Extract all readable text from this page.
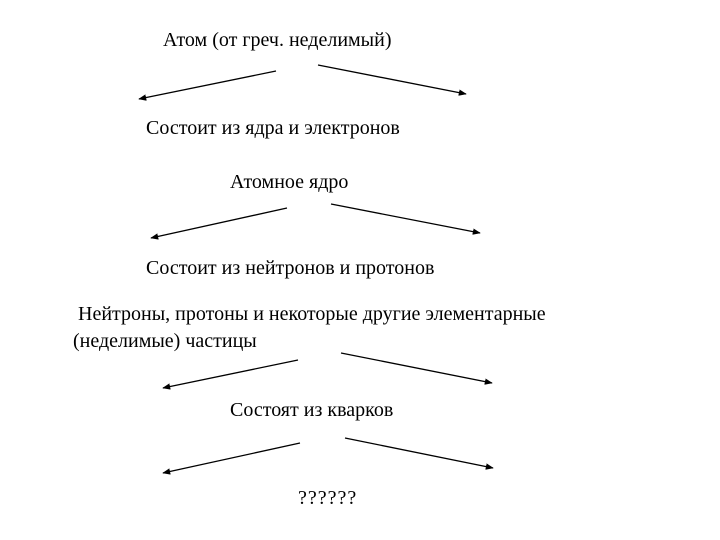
Атом (от греч. неделимый)
Состоит из ядра и электронов
Атомное ядро
Состоит из нейтронов и протонов
Нейтроны, протоны и некоторые другие элементарные
(неделимые) частицы
Состоят из кварков
??????
